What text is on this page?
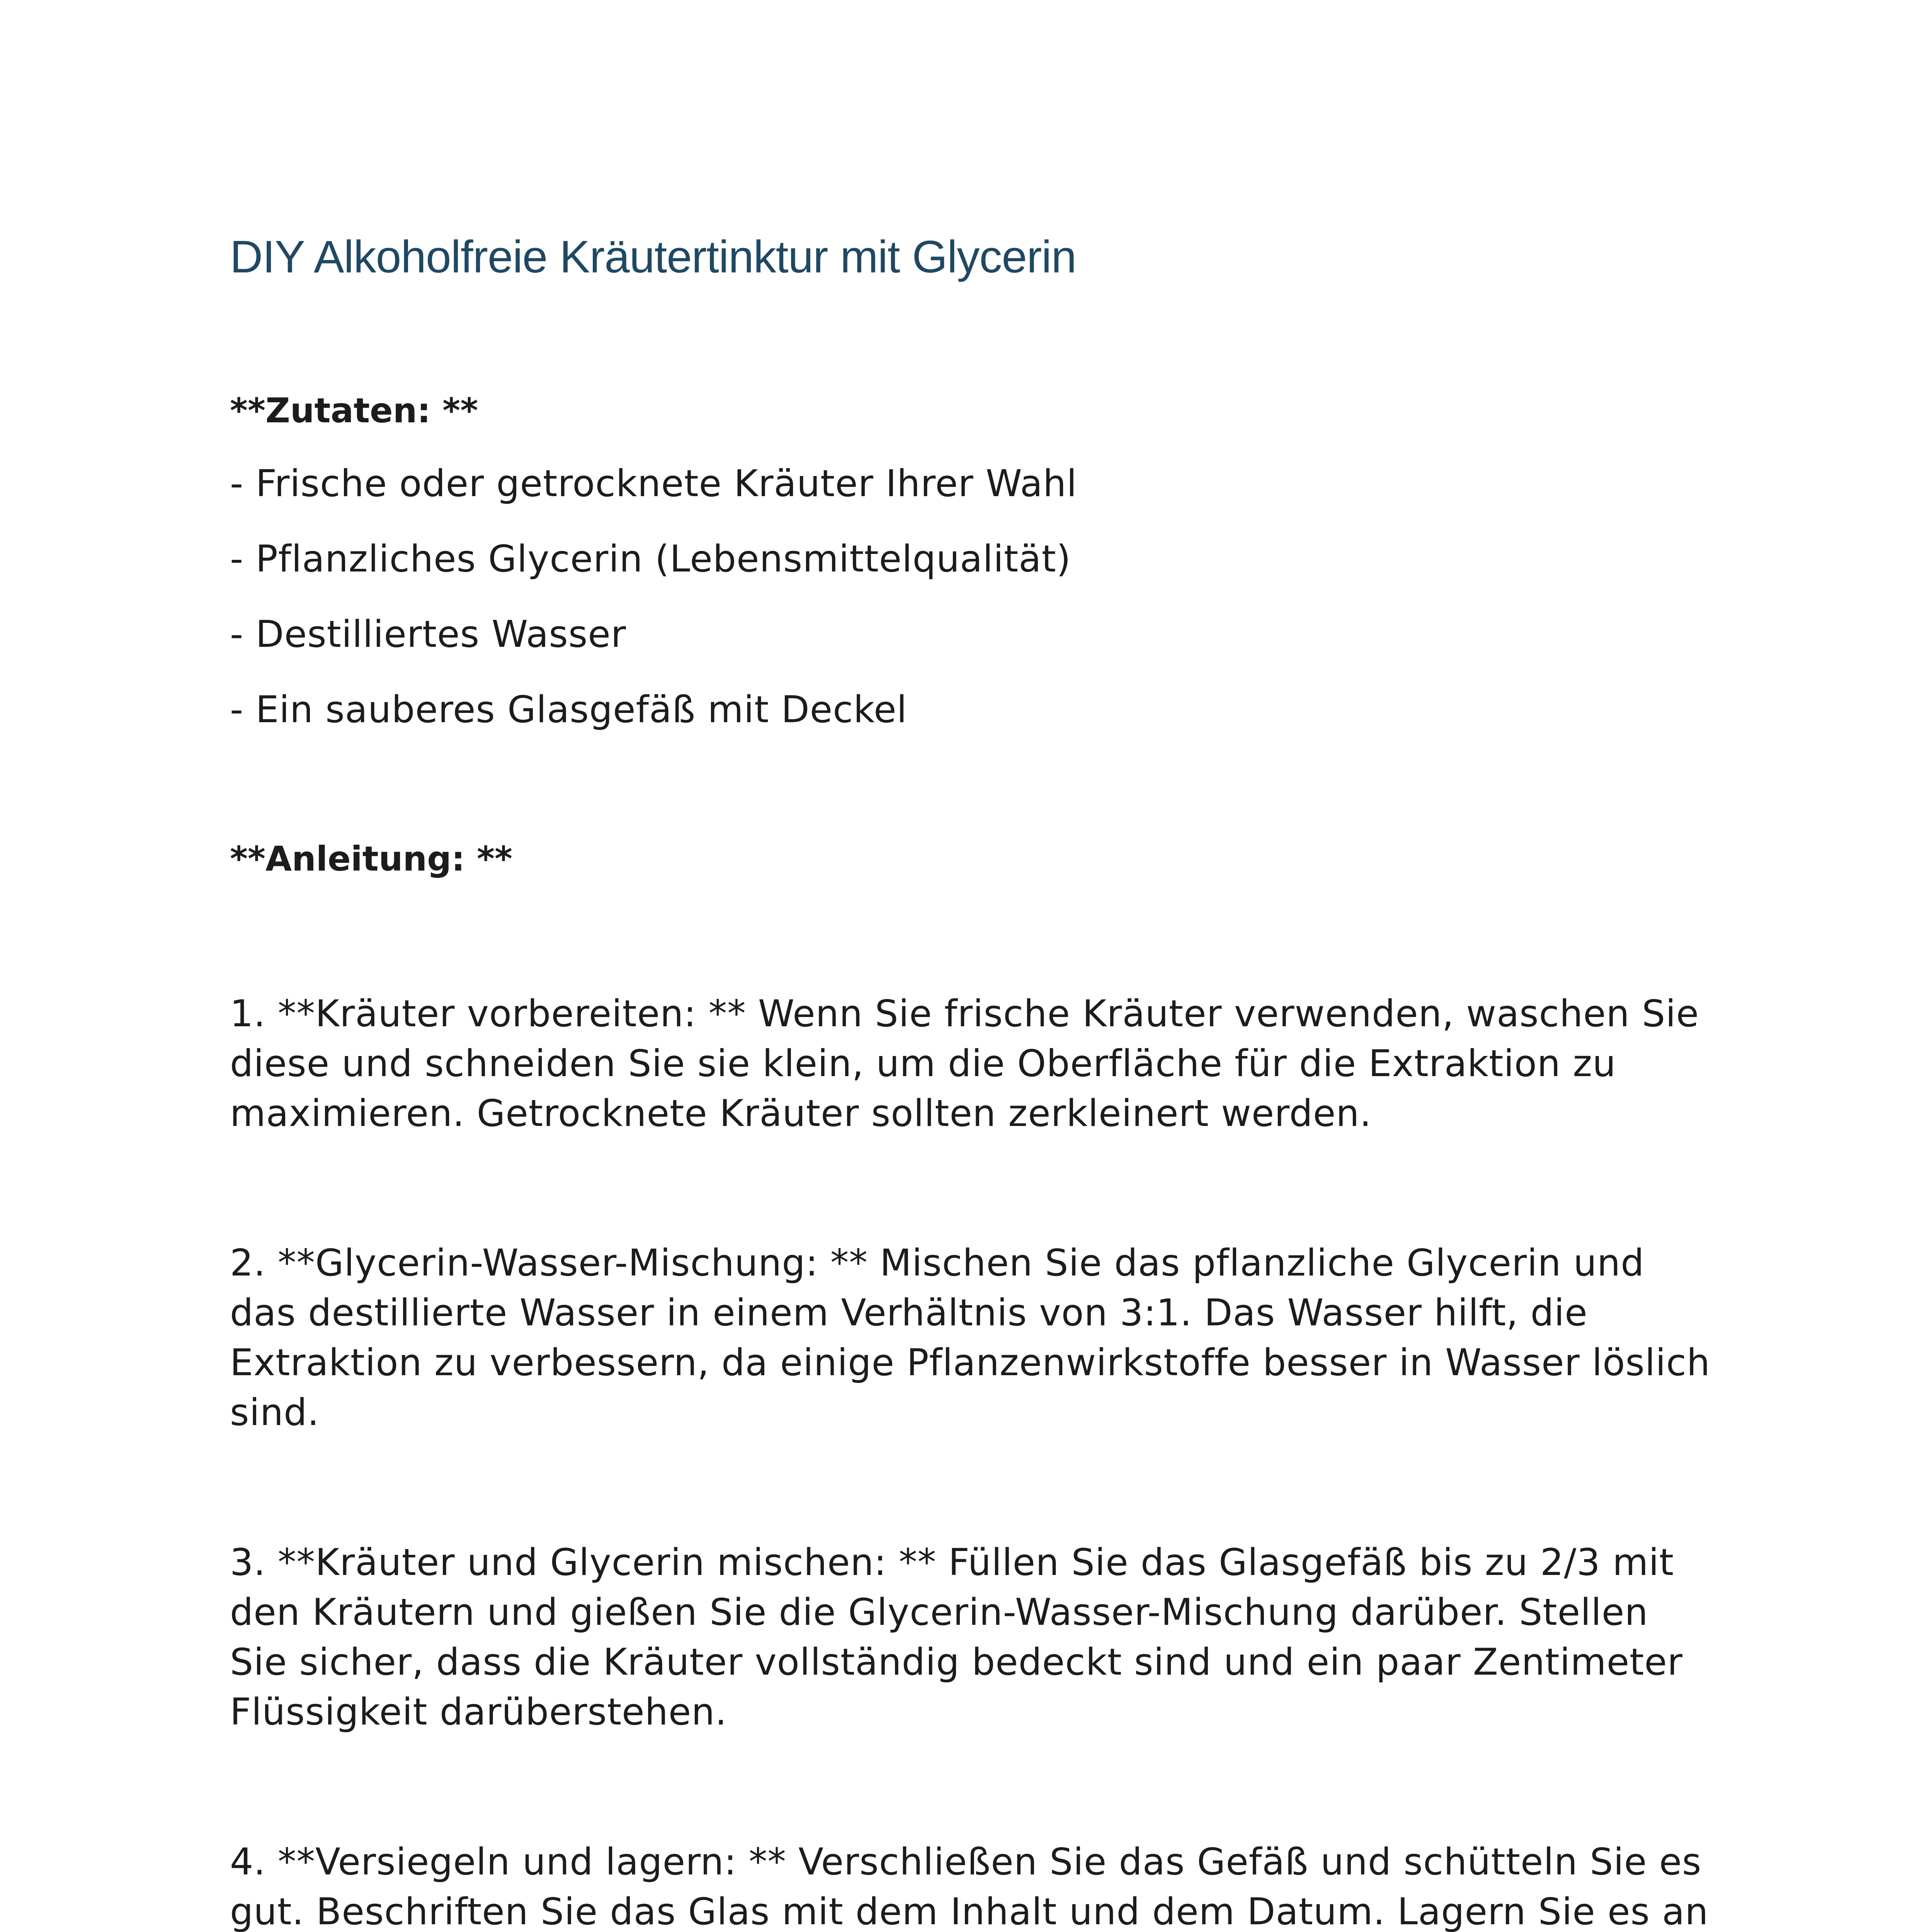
DIY Alkoholfreie Kräutertinktur mit Glycerin
**Zutaten: **
- Frische oder getrocknete Kräuter Ihrer Wahl
- Pflanzliches Glycerin (Lebensmittelqualität)
- Destilliertes Wasser
- Ein sauberes Glasgefäß mit Deckel
**Anleitung: **

1. **Kräuter vorbereiten: ** Wenn Sie frische Kräuter verwenden, waschen Sie diese und schneiden Sie sie klein, um die Oberfläche für die Extraktion zu maximieren. Getrocknete Kräuter sollten zerkleinert werden.

2. **Glycerin-Wasser-Mischung: ** Mischen Sie das pflanzliche Glycerin und das destillierte Wasser in einem Verhältnis von 3:1. Das Wasser hilft, die Extraktion zu verbessern, da einige Pflanzenwirkstoffe besser in Wasser löslich sind.

3. **Kräuter und Glycerin mischen: ** Füllen Sie das Glasgefäß bis zu 2/3 mit den Kräutern und gießen Sie die Glycerin-Wasser-Mischung darüber. Stellen Sie sicher, dass die Kräuter vollständig bedeckt sind und ein paar Zentimeter Flüssigkeit darüberstehen.

4. **Versiegeln und lagern: ** Verschließen Sie das Gefäß und schütteln Sie es gut. Beschriften Sie das Glas mit dem Inhalt und dem Datum. Lagern Sie es an
